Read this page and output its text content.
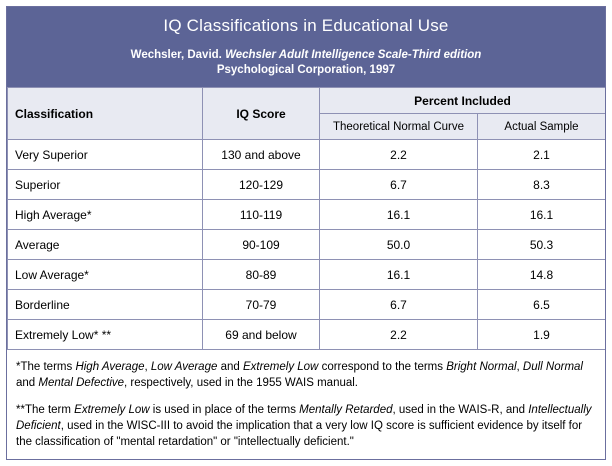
IQ Classifications in Educational Use
Wechsler, David. Wechsler Adult Intelligence Scale-Third edition
Psychological Corporation, 1997
Classification	IQ Score	Percent Included	
		Theoretical Normal Curve	Actual Sample
Very Superior	130 and above	2.2	2.1
Superior	120-129	6.7	8.3
High Average*	110-119	16.1	16.1
Average	90-109	50.0	50.3
Low Average*	80-89	16.1	14.8
Borderline	70-79	6.7	6.5
Extremely Low* **	69 and below	2.2	1.9
*The terms High Average, Low Average and Extremely Low correspond to the terms Bright Normal, Dull Normal and Mental Defective, respectively, used in the 1955 WAIS manual.
**The term Extremely Low is used in place of the terms Mentally Retarded, used in the WAIS-R, and Intellectually Deficient, used in the WISC-III to avoid the implication that a very low IQ score is sufficient evidence by itself for the classification of "mental retardation" or "intellectually deficient."
